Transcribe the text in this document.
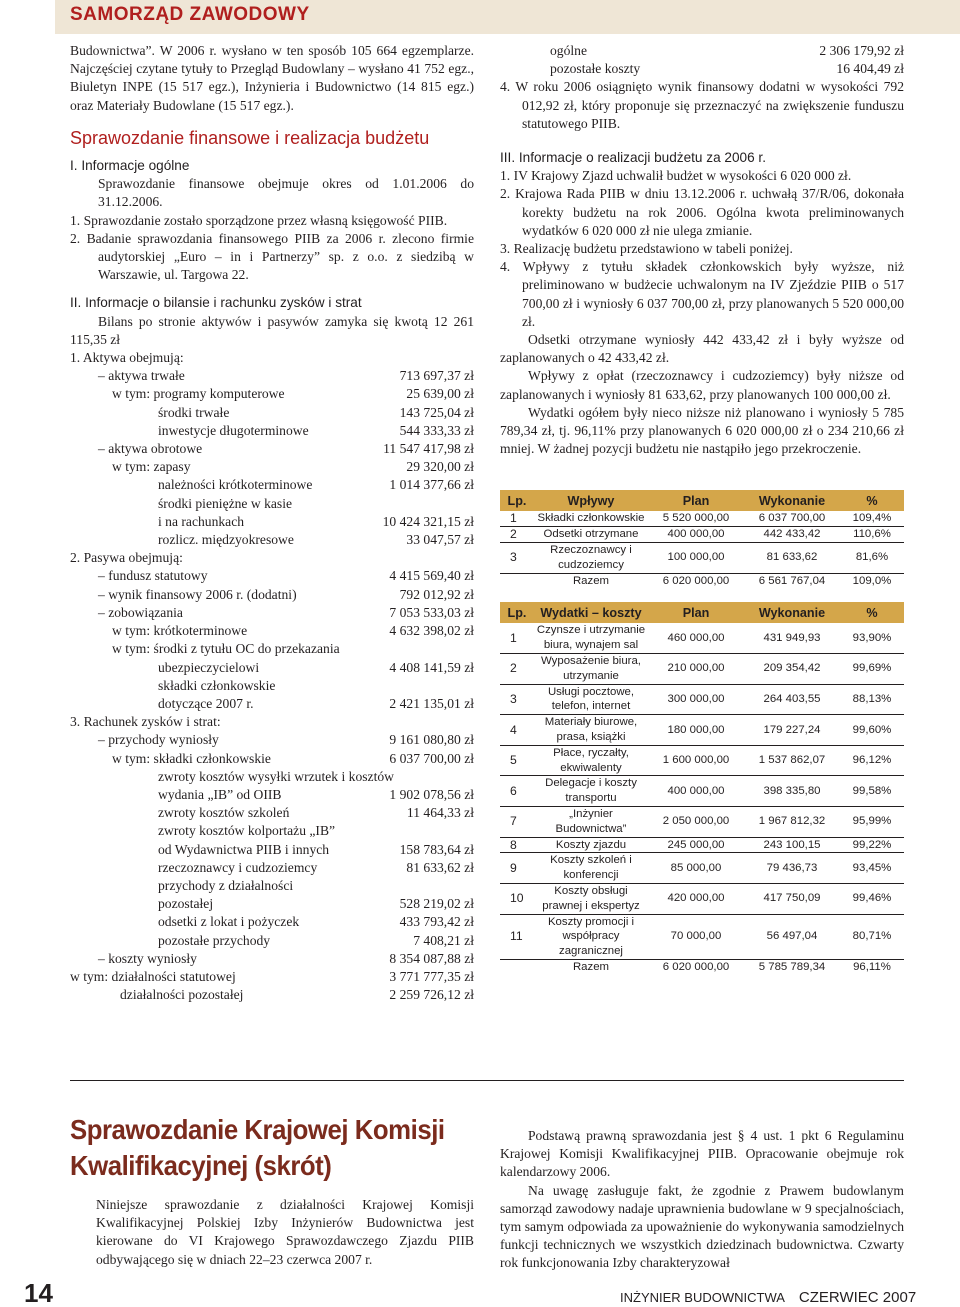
SAMORZĄD ZAWODOWY

Budownictwa”. W 2006 r. wysłano w ten sposób 105 664 egzemplarze. Najczęściej czytane tytuły to Przegląd Budowlany – wysłano 41 752 egz., Biuletyn INPE (15 517 egz.), Inżynieria i Budownictwo (14 815 egz.) oraz Materiały Budowlane (15 517 egz.).

Sprawozdanie finansowe i realizacja budżetu
I. Informacje ogólne

Sprawozdanie finansowe obejmuje okres od 1.01.2006 do 31.12.2006.

1. Sprawozdanie zostało sporządzone przez własną księgowość PIIB.

2. Badanie sprawozdania finansowego PIIB za 2006 r. zlecono firmie audytorskiej „Euro – in i Partnerzy” sp. z o.o. z siedzibą w Warszawie, ul. Targowa 22.

II. Informacje o bilansie i rachunku zysków i strat

Bilans po stronie aktywów i pasywów zamyka się kwotą 12 261 115,35 zł

1. Aktywa obejmują:
– aktywa trwałe	713 697,37 zł
w tym: programy komputerowe	25 639,00 zł
środki trwałe	143 725,04 zł
inwestycje długoterminowe	544 333,33 zł
– aktywa obrotowe	11 547 417,98 zł
w tym: zapasy	29 320,00 zł
należności krótkoterminowe	1 014 377,66 zł
środki pieniężne w kasie
i na rachunkach	10 424 321,15 zł
rozlicz. międzyokresowe	33 047,57 zł
2. Pasywa obejmują:
– fundusz statutowy	4 415 569,40 zł
– wynik finansowy 2006 r. (dodatni)	792 012,92 zł
– zobowiązania	7 053 533,03 zł
w tym: krótkoterminowe	4 632 398,02 zł
w tym: środki z tytułu OC do przekazania
ubezpieczycielowi	4 408 141,59 zł
składki członkowskie
dotyczące 2007 r.	2 421 135,01 zł
3. Rachunek zysków i strat:
– przychody wyniosły	9 161 080,80 zł
w tym: składki członkowskie	6 037 700,00 zł
zwroty kosztów wysyłki wrzutek i kosztów
wydania „IB” od OIIB	1 902 078,56 zł
zwroty kosztów szkoleń	11 464,33 zł
zwroty kosztów kolportażu „IB”
od Wydawnictwa PIIB i innych	158 783,64 zł
rzeczoznawcy i cudzoziemcy	81 633,62 zł
przychody z działalności
pozostałej	528 219,02 zł
odsetki z lokat i pożyczek	433 793,42 zł
pozostałe przychody	7 408,21 zł
– koszty wyniosły	8 354 087,88 zł
w tym: działalności statutowej	3 771 777,35 zł
działalności pozostałej	2 259 726,12 zł
ogólne	2 306 179,92 zł
pozostałe koszty	16 404,49 zł

4. W roku 2006 osiągnięto wynik finansowy dodatni w wysokości 792 012,92 zł, który proponuje się przeznaczyć na zwiększenie funduszu statutowego PIIB.

III. Informacje o realizacji budżetu za 2006 r.

1. IV Krajowy Zjazd uchwalił budżet w wysokości 6 020 000 zł.

2. Krajowa Rada PIIB w dniu 13.12.2006 r. uchwałą 37/R/06, dokonała korekty budżetu na rok 2006. Ogólna kwota preliminowanych wydatków 6 020 000 zł nie ulega zmianie.

3. Realizację budżetu przedstawiono w tabeli poniżej.

4. Wpływy z tytułu składek członkowskich były wyższe, niż preliminowano w budżecie uchwalonym na IV Zjeździe PIIB o 517 700,00 zł i wyniosły 6 037 700,00 zł, przy planowanych 5 520 000,00 zł.

Odsetki otrzymane wyniosły 442 433,42 zł i były wyższe od zaplanowanych o 42 433,42 zł.

Wpływy z opłat (rzeczoznawcy i cudzoziemcy) były niższe od zaplanowanych i wyniosły 81 633,62, przy planowanych 100 000,00 zł.

Wydatki ogółem były nieco niższe niż planowano i wyniosły 5 785 789,34 zł, tj. 96,11% przy planowanych 6 020 000,00 zł o 234 210,66 zł mniej. W żadnej pozycji budżetu nie nastąpiło jego przekroczenie.

Lp.	Wpływy	Plan	Wykonanie	%
1	Składki członkowskie	5 520 000,00	6 037 700,00	109,4%
2	Odsetki otrzymane	400 000,00	442 433,42	110,6%
3	Rzeczoznawcy i cudzoziemcy	100 000,00	81 633,62	81,6%
	Razem	6 020 000,00	6 561 767,04	109,0%
Lp.	Wydatki – koszty	Plan	Wykonanie	%
1	Czynsze i utrzymanie biura, wynajem sal	460 000,00	431 949,93	93,90%
2	Wyposażenie biura, utrzymanie	210 000,00	209 354,42	99,69%
3	Usługi pocztowe, telefon, internet	300 000,00	264 403,55	88,13%
4	Materiały biurowe, prasa, książki	180 000,00	179 227,24	99,60%
5	Płace, ryczałty, ekwiwalenty	1 600 000,00	1 537 862,07	96,12%
6	Delegacje i koszty transportu	400 000,00	398 335,80	99,58%
7	„Inżynier Budownictwa”	2 050 000,00	1 967 812,32	95,99%
8	Koszty zjazdu	245 000,00	243 100,15	99,22%
9	Koszty szkoleń i konferencji	85 000,00	79 436,73	93,45%
10	Koszty obsługi prawnej i ekspertyz	420 000,00	417 750,09	99,46%
11	Koszty promocji i współpracy zagranicznej	70 000,00	56 497,04	80,71%
	Razem	6 020 000,00	5 785 789,34	96,11%
Sprawozdanie Krajowej Komisji
Kwalifikacyjnej (skrót)

Niniejsze sprawozdanie z działalności Krajowej Komisji Kwalifikacyjnej Polskiej Izby Inżynierów Budownictwa jest kierowane do VI Krajowego Sprawozdawczego Zjazdu PIIB odbywającego się w dniach 22–23 czerwca 2007 r.

Podstawą prawną sprawozdania jest § 4 ust. 1 pkt 6 Regulaminu Krajowej Komisji Kwalifikacyjnej PIIB. Opracowanie obejmuje rok kalendarzowy 2006.

Na uwagę zasługuje fakt, że zgodnie z Prawem budowlanym samorząd zawodowy nadaje uprawnienia budowlane w 9 specjalnościach, tym samym odpowiada za upoważnienie do wykonywania samodzielnych funkcji technicznych we wszystkich dziedzinach budownictwa. Czwarty rok funkcjonowania Izby charakteryzował

14	INŻYNIER BUDOWNICTWA CZERWIEC 2007
